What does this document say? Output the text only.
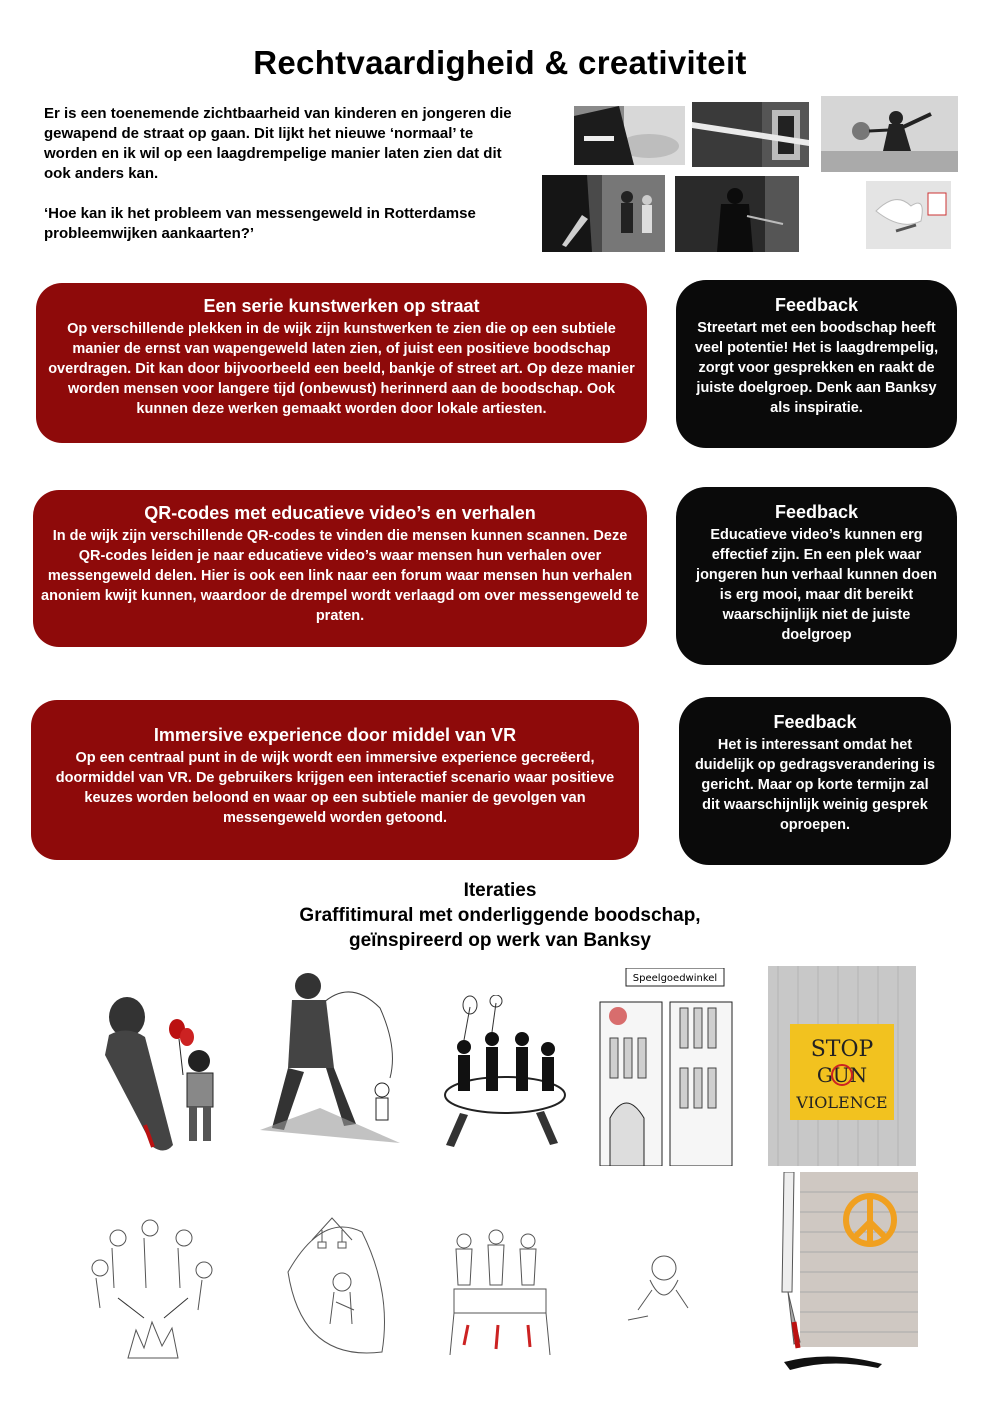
Rechtvaardigheid & creativiteit

Er is een toenemende zichtbaarheid van kinderen en jongeren die gewapend de straat op gaan. Dit lijkt het nieuwe ‘normaal’ te worden en ik wil op een laagdrempelige manier laten zien dat dit ook anders kan.

‘Hoe kan ik het probleem van messengeweld in Rotterdamse probleemwijken aankaarten?’

Een serie kunstwerken op straat
Op verschillende plekken in de wijk zijn kunstwerken te zien die op een subtiele manier de ernst van wapengeweld laten zien, of juist een positieve boodschap overdragen. Dit kan door bijvoorbeeld een beeld, bankje of street art. Op deze manier worden mensen voor langere tijd (onbewust) herinnerd aan de boodschap. Ook kunnen deze werken gemaakt worden door lokale artiesten.
Feedback
Streetart met een boodschap heeft veel potentie! Het is laagdrempelig, zorgt voor gesprekken en raakt de juiste doelgroep. Denk aan Banksy als inspiratie.
QR-codes met educatieve video’s en verhalen
In de wijk zijn verschillende QR-codes te vinden die mensen kunnen scannen. Deze QR-codes leiden je naar educatieve video’s waar mensen hun verhalen over messengeweld delen. Hier is ook een link naar een forum waar mensen hun verhalen anoniem kwijt kunnen, waardoor de drempel wordt verlaagd om over messengeweld te praten.
Feedback
Educatieve video’s kunnen erg effectief zijn. En een plek waar jongeren hun verhaal kunnen doen is erg mooi, maar dit bereikt waarschijnlijk niet de juiste doelgroep
Immersive experience door middel van VR
Op een centraal punt in de wijk wordt een immersive experience gecreëerd, doormiddel van VR. De gebruikers krijgen een interactief scenario waar positieve keuzes worden beloond en waar op een subtiele manier de gevolgen van messengeweld worden getoond.
Feedback
Het is interessant omdat het duidelijk op gedragsverandering is gericht. Maar op korte termijn zal dit waarschijnlijk weinig gesprek oproepen.
Iteraties
Graffitimural met onderliggende boodschap,
geïnspireerd op werk van Banksy
Speelgoedwinkel
STOP
GUN
VIOLENCE
